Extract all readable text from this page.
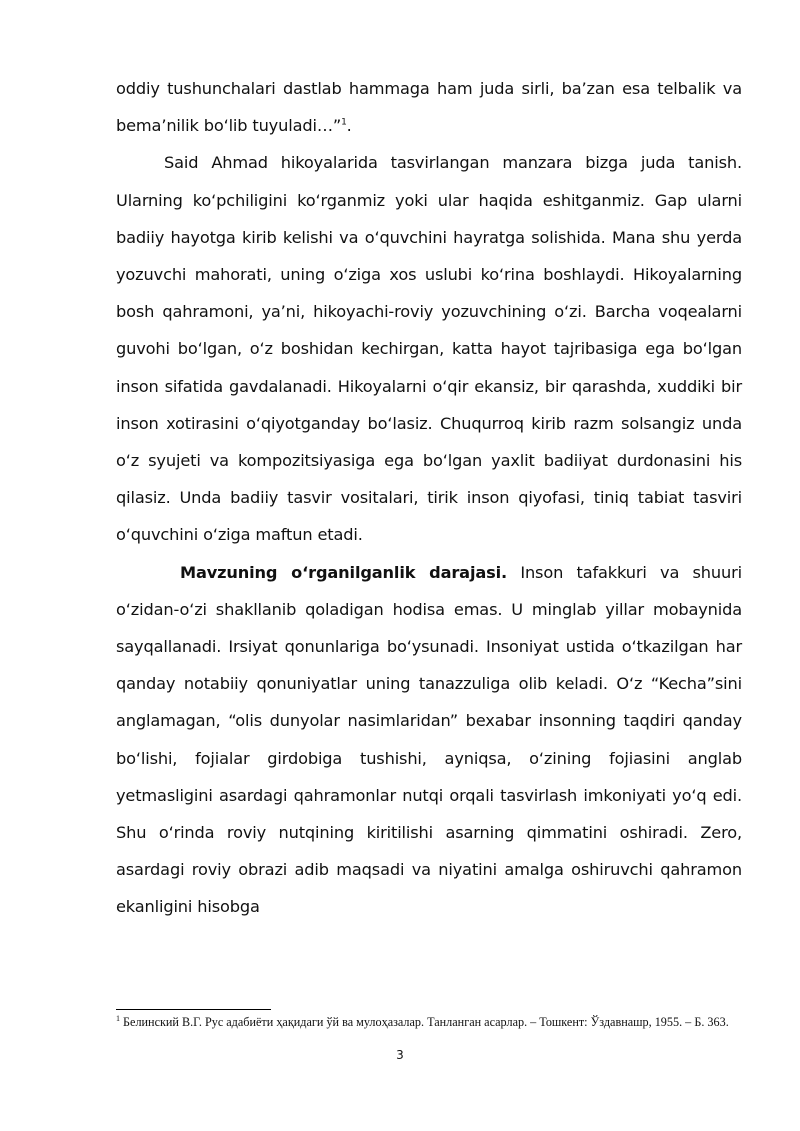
oddiy tushunchalari dastlab hammaga ham juda sirli, ba’zan esa telbalik va bema’nilik bo‘lib tuyuladi…”$^1$.

Said Ahmad hikoyalarida tasvirlangan manzara bizga juda tanish. Ularning ko‘pchiligini ko‘rganmiz yoki ular haqida eshitganmiz. Gap ularni badiiy hayotga kirib kelishi va o‘quvchini hayratga solishida. Mana shu yerda yozuvchi mahorati, uning o‘ziga xos uslubi ko‘rina boshlaydi. Hikoyalarning bosh qahramoni, ya’ni, hikoyachi-roviy yozuvchining o‘zi. Barcha voqealarni guvohi bo‘lgan, o‘z boshidan kechirgan, katta hayot tajribasiga ega bo‘lgan inson sifatida gavdalanadi. Hikoyalarni o‘qir ekansiz, bir qarashda, xuddiki bir inson xotirasini o‘qiyotganday bo‘lasiz. Chuqurroq kirib razm solsangiz unda o‘z syujeti va kompozitsiyasiga ega bo‘lgan yaxlit badiiyat durdonasini his qilasiz. Unda badiiy tasvir vositalari, tirik inson qiyofasi, tiniq tabiat tasviri o‘quvchini o‘ziga maftun etadi.

Mavzuning o‘rganilganlik darajasi. Inson tafakkuri va shuuri o‘zidan-o‘zi shakllanib qoladigan hodisa emas. U minglab yillar mobaynida sayqallanadi. Irsiyat qonunlariga bo‘ysunadi. Insoniyat ustida o‘tkazilgan har qanday notabiiy qonuniyatlar uning tanazzuliga olib keladi. O‘z “Kecha”sini anglamagan, “olis dunyolar nasimlaridan” bexabar insonning taqdiri qanday bo‘lishi, fojialar girdobiga tushishi, ayniqsa, o‘zining fojiasini anglab yetmasligini asardagi qahramonlar nutqi orqali tasvirlash imkoniyati yo‘q edi. Shu o‘rinda roviy nutqining kiritilishi asarning qimmatini oshiradi. Zero, asardagi roviy obrazi adib maqsadi va niyatini amalga oshiruvchi qahramon ekanligini hisobga

$^1$ Белинский В.Г. Рус адабиёти ҳақидаги ўй ва мулоҳазалар. Танланган асарлар. – Тошкент: Ўздавнашр, 1955. – Б. 363.
3
